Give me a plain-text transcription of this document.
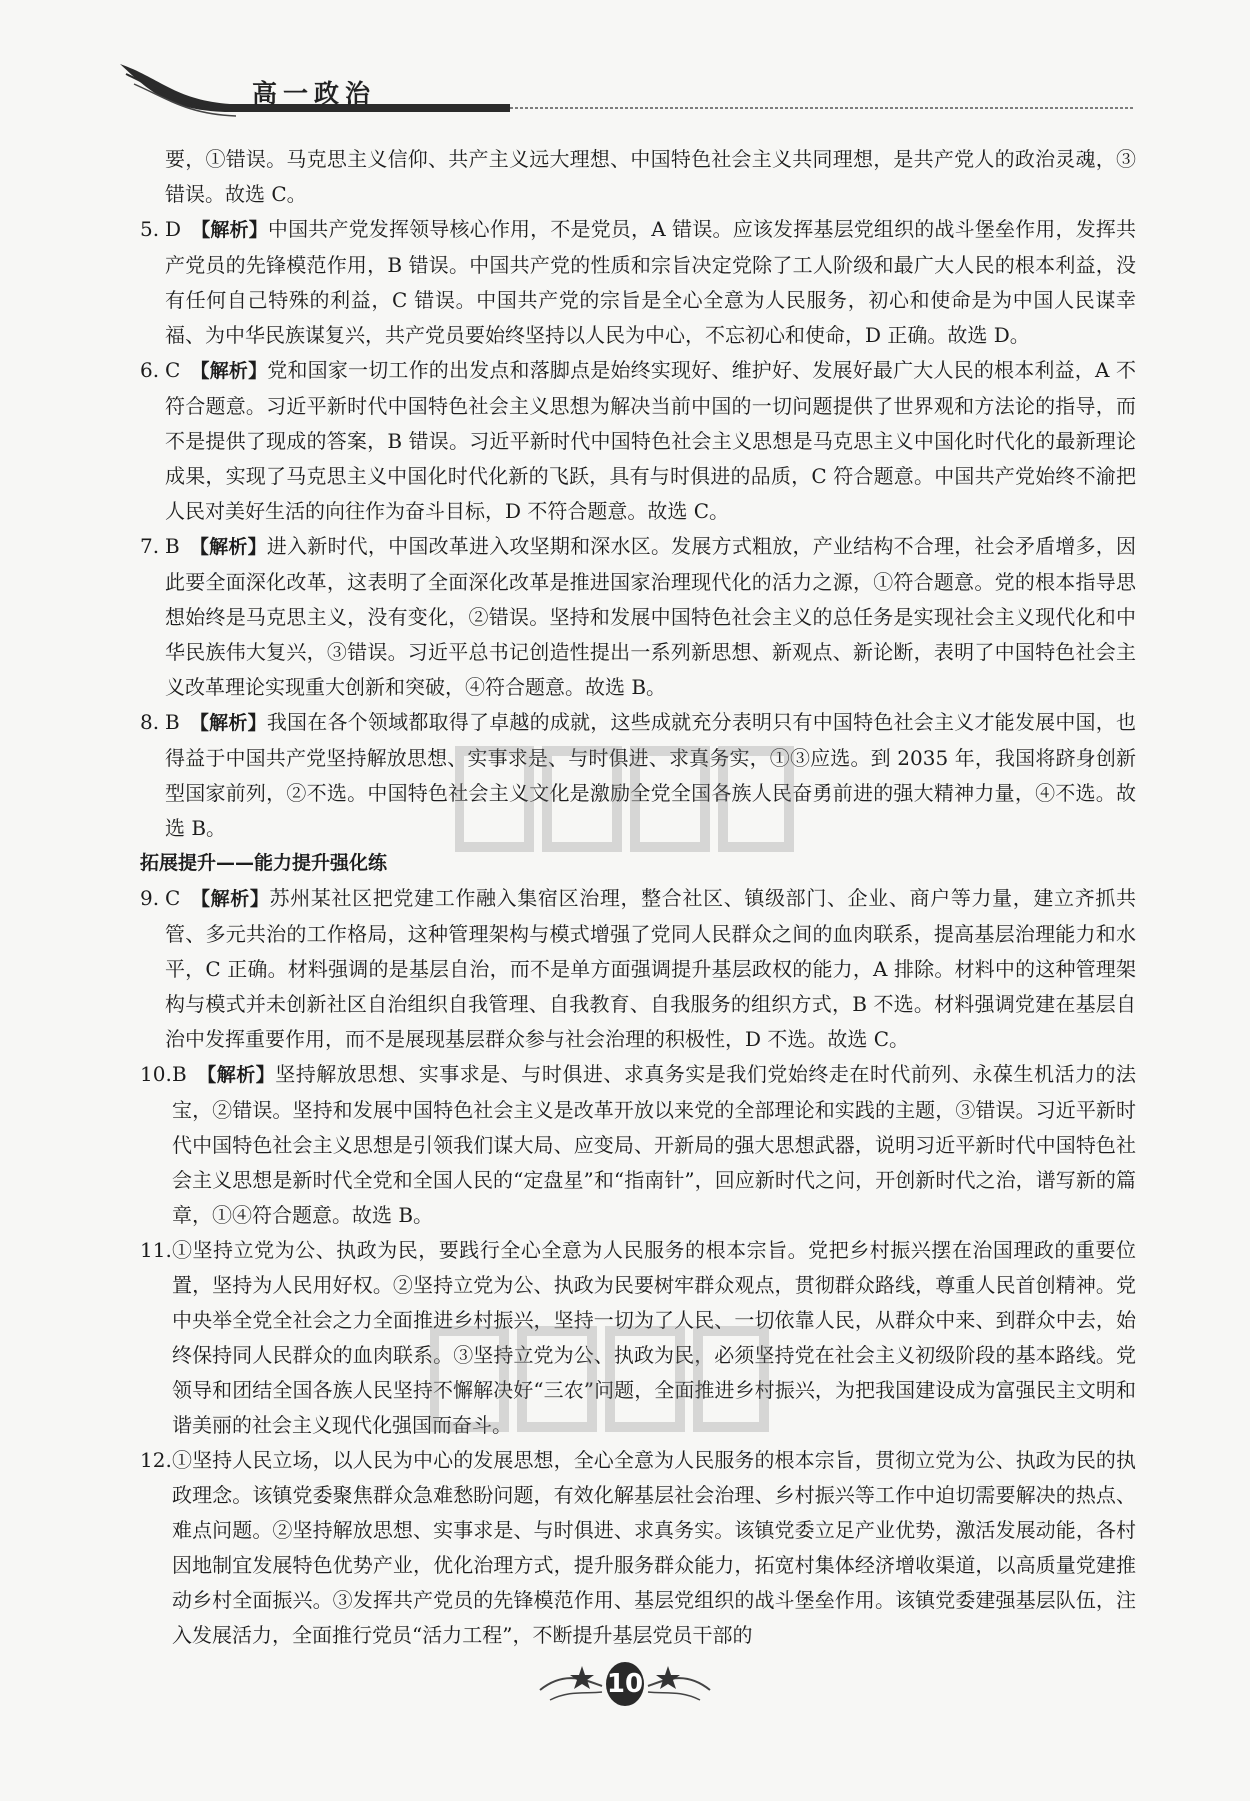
高一政治

要，①错误。马克思主义信仰、共产主义远大理想、中国特色社会主义共同理想，是共产党人的政治灵魂，③错误。故选 C。

5. D 【解析】中国共产党发挥领导核心作用，不是党员，A 错误。应该发挥基层党组织的战斗堡垒作用，发挥共产党员的先锋模范作用，B 错误。中国共产党的性质和宗旨决定党除了工人阶级和最广大人民的根本利益，没有任何自己特殊的利益，C 错误。中国共产党的宗旨是全心全意为人民服务，初心和使命是为中国人民谋幸福、为中华民族谋复兴，共产党员要始终坚持以人民为中心，不忘初心和使命，D 正确。故选 D。
6. C 【解析】党和国家一切工作的出发点和落脚点是始终实现好、维护好、发展好最广大人民的根本利益，A 不符合题意。习近平新时代中国特色社会主义思想为解决当前中国的一切问题提供了世界观和方法论的指导，而不是提供了现成的答案，B 错误。习近平新时代中国特色社会主义思想是马克思主义中国化时代化的最新理论成果，实现了马克思主义中国化时代化新的飞跃，具有与时俱进的品质，C 符合题意。中国共产党始终不渝把人民对美好生活的向往作为奋斗目标，D 不符合题意。故选 C。
7. B 【解析】进入新时代，中国改革进入攻坚期和深水区。发展方式粗放，产业结构不合理，社会矛盾增多，因此要全面深化改革，这表明了全面深化改革是推进国家治理现代化的活力之源，①符合题意。党的根本指导思想始终是马克思主义，没有变化，②错误。坚持和发展中国特色社会主义的总任务是实现社会主义现代化和中华民族伟大复兴，③错误。习近平总书记创造性提出一系列新思想、新观点、新论断，表明了中国特色社会主义改革理论实现重大创新和突破，④符合题意。故选 B。
8. B 【解析】我国在各个领域都取得了卓越的成就，这些成就充分表明只有中国特色社会主义才能发展中国，也得益于中国共产党坚持解放思想、实事求是、与时俱进、求真务实，①③应选。到 2035 年，我国将跻身创新型国家前列，②不选。中国特色社会主义文化是激励全党全国各族人民奋勇前进的强大精神力量，④不选。故选 B。

拓展提升——能力提升强化练

9. C 【解析】苏州某社区把党建工作融入集宿区治理，整合社区、镇级部门、企业、商户等力量，建立齐抓共管、多元共治的工作格局，这种管理架构与模式增强了党同人民群众之间的血肉联系，提高基层治理能力和水平，C 正确。材料强调的是基层自治，而不是单方面强调提升基层政权的能力，A 排除。材料中的这种管理架构与模式并未创新社区自治组织自我管理、自我教育、自我服务的组织方式，B 不选。材料强调党建在基层自治中发挥重要作用，而不是展现基层群众参与社会治理的积极性，D 不选。故选 C。
10. B 【解析】坚持解放思想、实事求是、与时俱进、求真务实是我们党始终走在时代前列、永葆生机活力的法宝，②错误。坚持和发展中国特色社会主义是改革开放以来党的全部理论和实践的主题，③错误。习近平新时代中国特色社会主义思想是引领我们谋大局、应变局、开新局的强大思想武器，说明习近平新时代中国特色社会主义思想是新时代全党和全国人民的“定盘星”和“指南针”，回应新时代之问，开创新时代之治，谱写新的篇章，①④符合题意。故选 B。
11. ①坚持立党为公、执政为民，要践行全心全意为人民服务的根本宗旨。党把乡村振兴摆在治国理政的重要位置，坚持为人民用好权。②坚持立党为公、执政为民要树牢群众观点，贯彻群众路线，尊重人民首创精神。党中央举全党全社会之力全面推进乡村振兴，坚持一切为了人民、一切依靠人民，从群众中来、到群众中去，始终保持同人民群众的血肉联系。③坚持立党为公、执政为民，必须坚持党在社会主义初级阶段的基本路线。党领导和团结全国各族人民坚持不懈解决好“三农”问题，全面推进乡村振兴，为把我国建设成为富强民主文明和谐美丽的社会主义现代化强国而奋斗。
12. ①坚持人民立场，以人民为中心的发展思想，全心全意为人民服务的根本宗旨，贯彻立党为公、执政为民的执政理念。该镇党委聚焦群众急难愁盼问题，有效化解基层社会治理、乡村振兴等工作中迫切需要解决的热点、难点问题。②坚持解放思想、实事求是、与时俱进、求真务实。该镇党委立足产业优势，激活发展动能，各村因地制宜发展特色优势产业，优化治理方式，提升服务群众能力，拓宽村集体经济增收渠道，以高质量党建推动乡村全面振兴。③发挥共产党员的先锋模范作用、基层党组织的战斗堡垒作用。该镇党委建强基层队伍，注入发展活力，全面推行党员“活力工程”，不断提升基层党员干部的
10
